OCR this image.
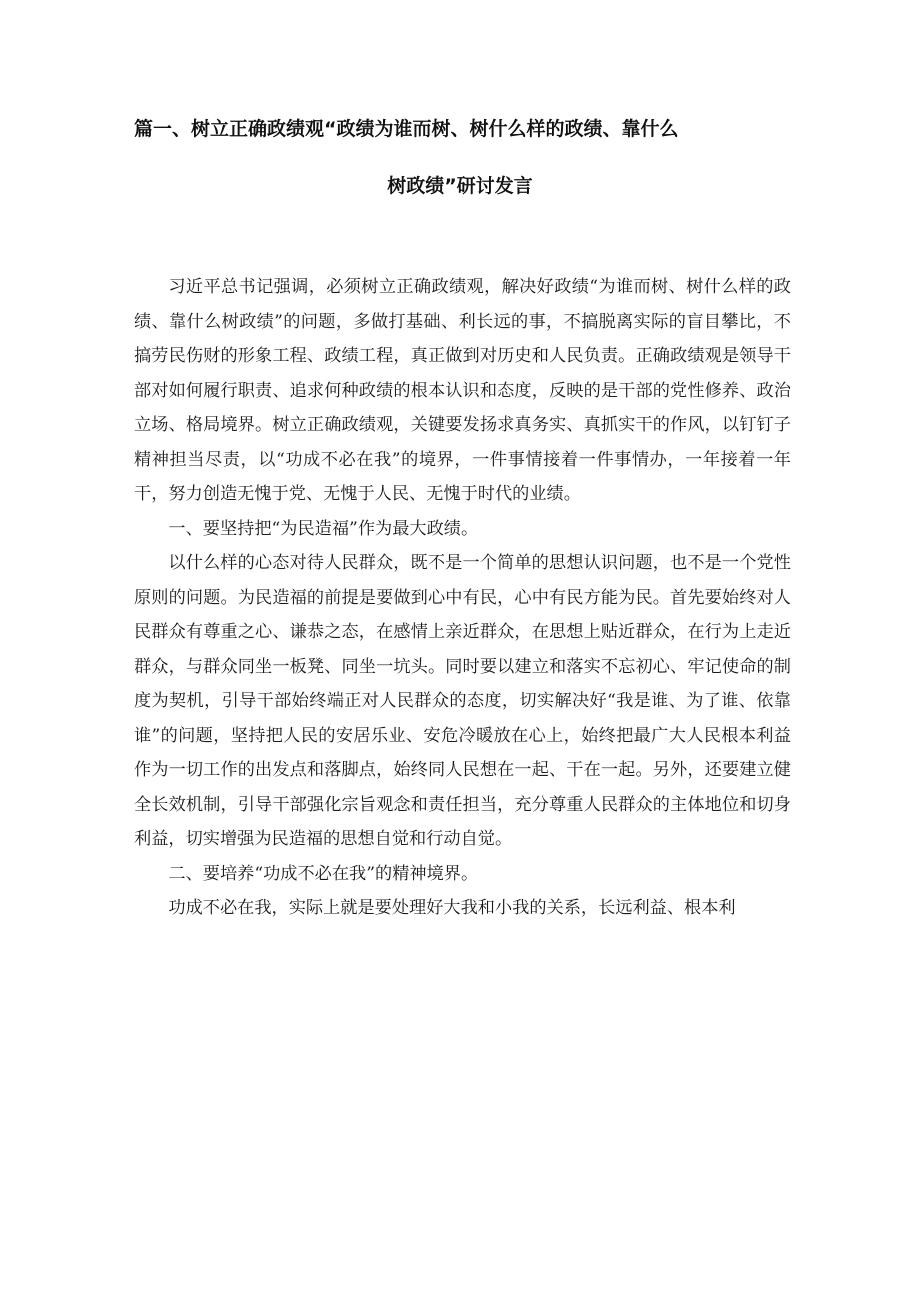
篇一、树立正确政绩观“政绩为谁而树、树什么样的政绩、靠什么
树政绩”研讨发言

习近平总书记强调，必须树立正确政绩观，解决好政绩“为谁而树、树什么样的政绩、靠什么树政绩”的问题，多做打基础、利长远的事，不搞脱离实际的盲目攀比，不搞劳民伤财的形象工程、政绩工程，真正做到对历史和人民负责。正确政绩观是领导干部对如何履行职责、追求何种政绩的根本认识和态度，反映的是干部的党性修养、政治立场、格局境界。树立正确政绩观，关键要发扬求真务实、真抓实干的作风，以钉钉子精神担当尽责，以“功成不必在我”的境界，一件事情接着一件事情办，一年接着一年干，努力创造无愧于党、无愧于人民、无愧于时代的业绩。

一、要坚持把“为民造福”作为最大政绩。

以什么样的心态对待人民群众，既不是一个简单的思想认识问题，也不是一个党性原则的问题。为民造福的前提是要做到心中有民，心中有民方能为民。首先要始终对人民群众有尊重之心、谦恭之态，在感情上亲近群众，在思想上贴近群众，在行为上走近群众，与群众同坐一板凳、同坐一坑头。同时要以建立和落实不忘初心、牢记使命的制度为契机，引导干部始终端正对人民群众的态度，切实解决好“我是谁、为了谁、依靠谁”的问题，坚持把人民的安居乐业、安危冷暖放在心上，始终把最广大人民根本利益作为一切工作的出发点和落脚点，始终同人民想在一起、干在一起。另外，还要建立健全长效机制，引导干部强化宗旨观念和责任担当，充分尊重人民群众的主体地位和切身利益，切实增强为民造福的思想自觉和行动自觉。

二、要培养“功成不必在我”的精神境界。

功成不必在我，实际上就是要处理好大我和小我的关系，长远利益、根本利
